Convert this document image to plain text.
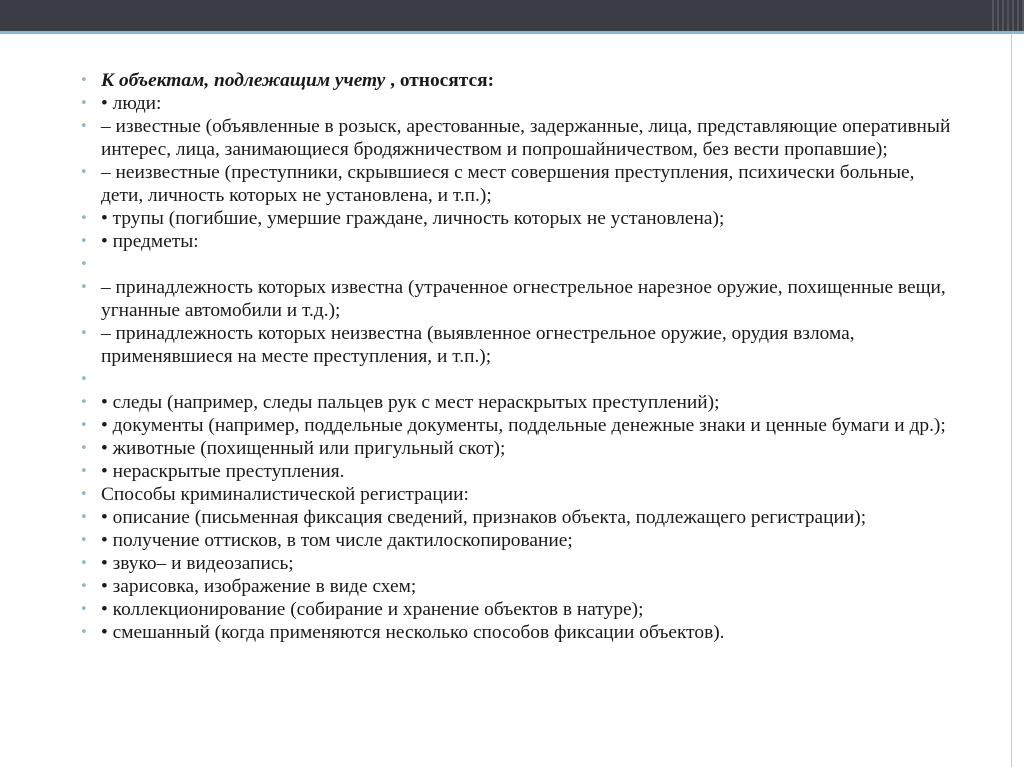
• К объектам, подлежащим учету , относятся:
• • люди:
• – известные (объявленные в розыск, арестованные, задержанные, лица, представляющие оперативный интерес, лица, занимающиеся бродяжничеством и попрошайничеством, без вести пропавшие);
• – неизвестные (преступники, скрывшиеся с мест совершения преступления, психически больные, дети, личность которых не установлена, и т.п.);
• • трупы (погибшие, умершие граждане, личность которых не установлена);
• • предметы:
•
• – принадлежность которых известна (утраченное огнестрельное нарезное оружие, похищенные вещи, угнанные автомобили и т.д.);
• – принадлежность которых неизвестна (выявленное огнестрельное оружие, орудия взлома, применявшиеся на месте преступления, и т.п.);
•
• • следы (например, следы пальцев рук с мест нераскрытых преступлений);
• • документы (например, поддельные документы, поддельные денежные знаки и ценные бумаги и др.);
• • животные (похищенный или пригульный скот);
• • нераскрытые преступления.
• Способы криминалистической регистрации:
• • описание (письменная фиксация сведений, признаков объекта, подлежащего регистрации);
• • получение оттисков, в том числе дактилоскопирование;
• • звуко– и видеозапись;
• • зарисовка, изображение в виде схем;
• • коллекционирование (собирание и хранение объектов в натуре);
• • смешанный (когда применяются несколько способов фиксации объектов).
